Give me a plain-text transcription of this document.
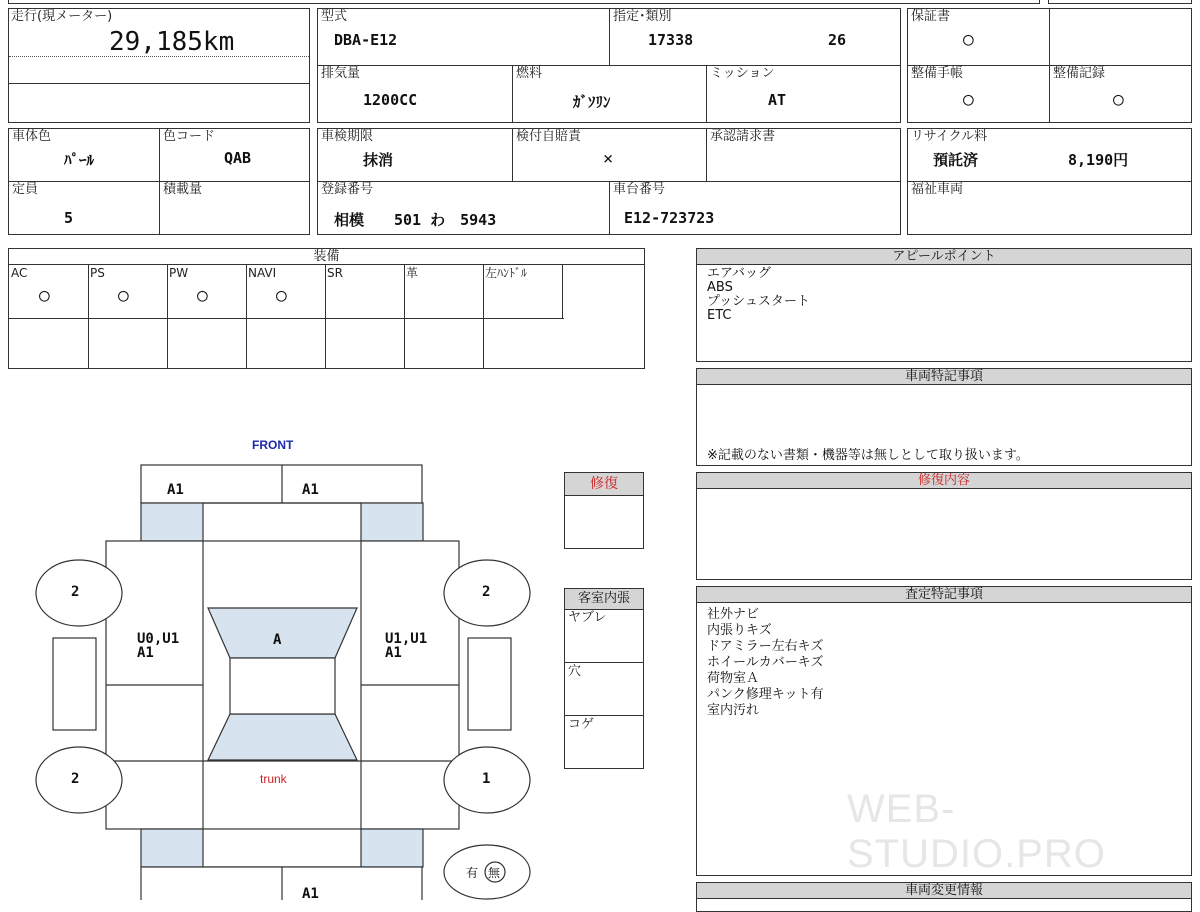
走行(現メーター)
29,185km
型式
DBA-E12
指定･類別
17338	26
排気量
1200CC
燃料
ｶﾞｿﾘﾝ
ミッション
AT
保証書
○
整備手帳
○
整備記録
○
車体色
ﾊﾟｰﾙ
色コード
QAB
定員
5
積載量
車検期限
抹消
検付自賠責
×
承認請求書
登録番号
相模　　501 わ　5943
車台番号
E12-723723
リサイクル料
預託済	8,190円
福祉車両
装備
AC
○
PS
○
PW
○
NAVI
○
SR	革	左ﾊﾝﾄﾞﾙ
アピールポイント
エアバッグ
ABS
プッシュスタート
ETC
車両特記事項
※記載のない書類・機器等は無しとして取り扱います。
修復内容
査定特記事項
社外ナビ
内張りキズ
ドアミラー左右キズ
ホイールカバーキズ
荷物室Ａ
パンク修理キット有
室内汚れ
WEB-STUDIO.PRO
車両変更情報
修復
客室内張
ヤブレ
穴
コゲ
FRONT
A1	A1
U0,U1
A1
U1,U1
A1
A
trunk
A1
2	2
2	1
有 無
